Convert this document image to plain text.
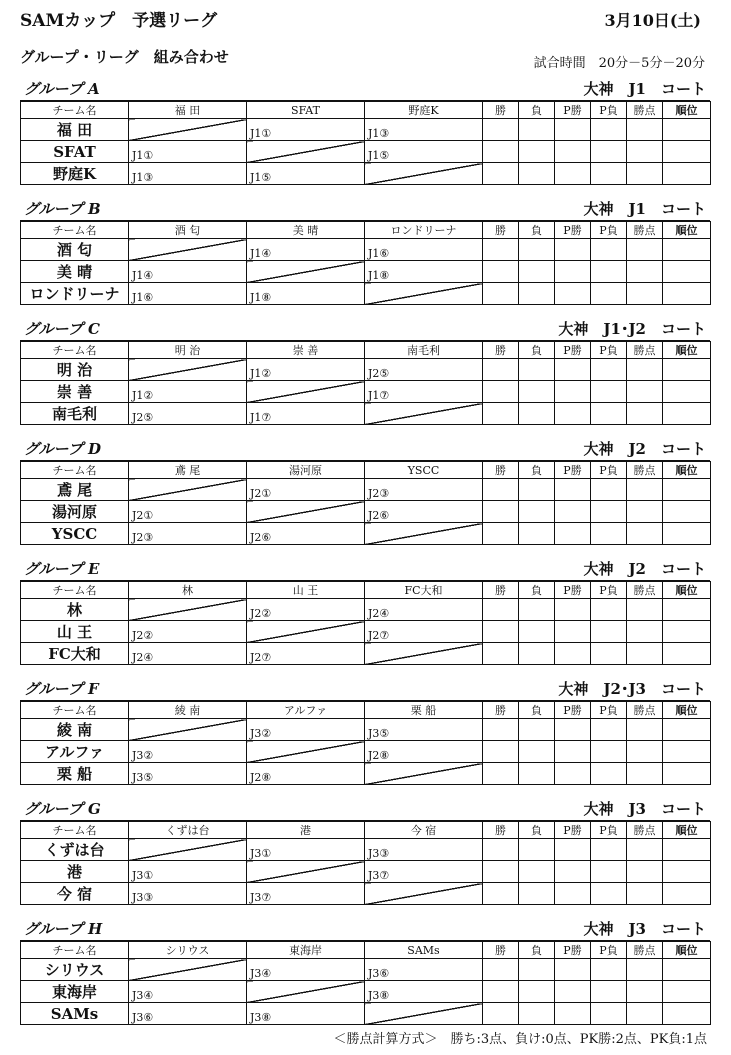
SAMカップ　予選リーグ	3月10日(土)
グループ・リーグ　組み合わせ	試合時間　20分－5分－20分
グループ A	大神　J1　コート
チーム名	福 田	SFAT	野庭K	勝	負	P勝	P負	勝点	順位
福 田		J1①	J1③						
SFAT	J1①		J1⑤						
野庭K	J1③	J1⑤							
グループ B	大神　J1　コート
チーム名	酒 匂	美 晴	ロンドリーナ	勝	負	P勝	P負	勝点	順位
酒 匂		J1④	J1⑥						
美 晴	J1④		J1⑧						
ロンドリーナ	J1⑥	J1⑧							
グループ C	大神　J1･J2　コート
チーム名	明 治	崇 善	南毛利	勝	負	P勝	P負	勝点	順位
明 治		J1②	J2⑤						
崇 善	J1②		J1⑦						
南毛利	J2⑤	J1⑦							
グループ D	大神　J2　コート
チーム名	鳶 尾	湯河原	YSCC	勝	負	P勝	P負	勝点	順位
鳶 尾		J2①	J2③						
湯河原	J2①		J2⑥						
YSCC	J2③	J2⑥							
グループ E	大神　J2　コート
チーム名	林	山 王	FC大和	勝	負	P勝	P負	勝点	順位
林		J2②	J2④						
山 王	J2②		J2⑦						
FC大和	J2④	J2⑦							
グループ F	大神　J2･J3　コート
チーム名	綾 南	アルファ	栗 船	勝	負	P勝	P負	勝点	順位
綾 南		J3②	J3⑤						
アルファ	J3②		J2⑧						
栗 船	J3⑤	J2⑧							
グループ G	大神　J3　コート
チーム名	くずは台	港	今 宿	勝	負	P勝	P負	勝点	順位
くずは台		J3①	J3③						
港	J3①		J3⑦						
今 宿	J3③	J3⑦							
グループ H	大神　J3　コート
チーム名	シリウス	東海岸	SAMs	勝	負	P勝	P負	勝点	順位
シリウス		J3④	J3⑥						
東海岸	J3④		J3⑧						
SAMs	J3⑥	J3⑧							
＜勝点計算方式＞　勝ち:3点、負け:0点、PK勝:2点、PK負:1点
